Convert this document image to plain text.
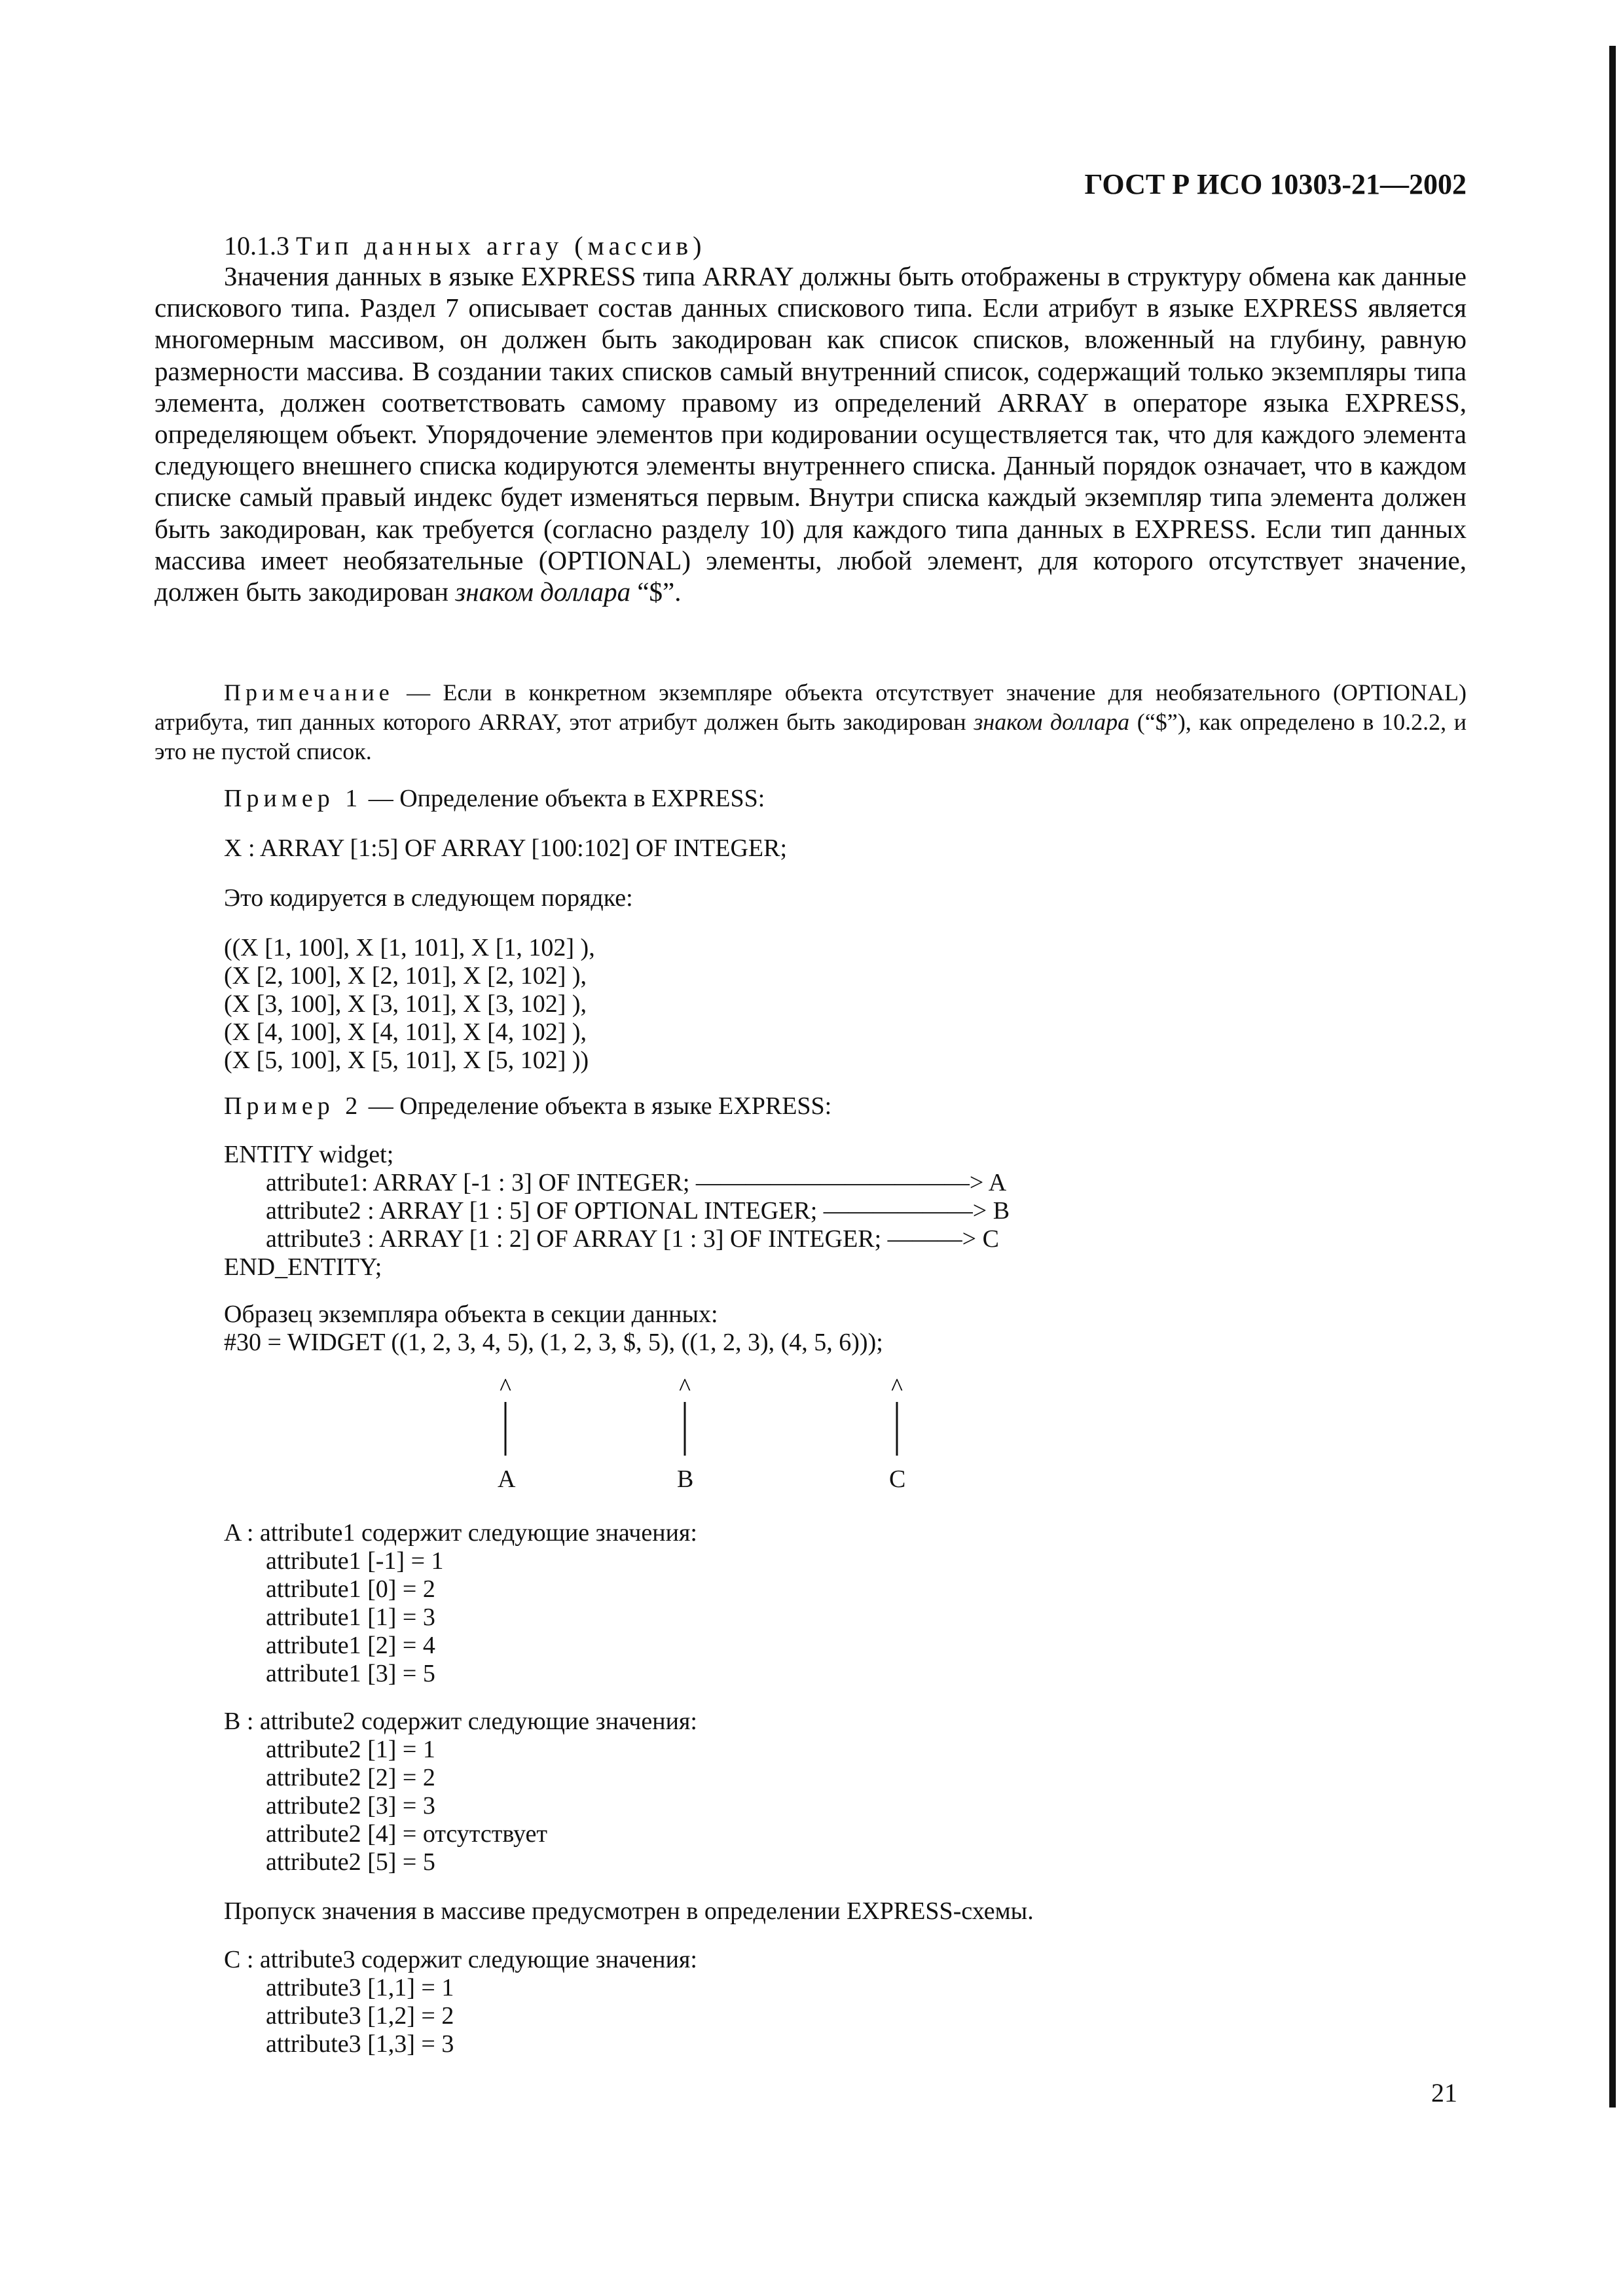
ГОСТ Р ИСО 10303-21—2002
10.1.3 Тип данных array (массив)

Значения данных в языке EXPRESS типа ARRAY должны быть отображены в структуру обмена как данные спискового типа. Раздел 7 описывает состав данных спискового типа. Если атрибут в языке EXPRESS является многомерным массивом, он должен быть закодирован как список списков, вложенный на глубину, равную размерности массива. В создании таких списков самый внутренний список, содержащий только экземпляры типа элемента, должен соответствовать самому правому из определений ARRAY в операторе языка EXPRESS, определяющем объект. Упорядочение элементов при кодировании осуществляется так, что для каждого элемента следующего внешнего списка кодируются элементы внутреннего списка. Данный порядок означает, что в каждом списке самый правый индекс будет изменяться первым. Внутри списка каждый экземпляр типа элемента должен быть закодирован, как требуется (согласно разделу 10) для каждого типа данных в EXPRESS. Если тип данных массива имеет необязательные (OPTIONAL) элементы, любой элемент, для которого отсутствует значение, должен быть закодирован знаком доллара “$”.

Примечание — Если в конкретном экземпляре объекта отсутствует значение для необязательного (OPTIONAL) атрибута, тип данных которого ARRAY, этот атрибут должен быть закодирован знаком доллара (“$”), как определено в 10.2.2, и это не пустой список.

Пример 1 — Определение объекта в EXPRESS:
X : ARRAY [1:5] OF ARRAY [100:102] OF INTEGER;
Это кодируется в следующем порядке:
((X [1, 100], X [1, 101], X [1, 102] ),
(X [2, 100], X [2, 101], X [2, 102] ),
(X [3, 100], X [3, 101], X [3, 102] ),
(X [4, 100], X [4, 101], X [4, 102] ),
(X [5, 100], X [5, 101], X [5, 102] ))
Пример 2 — Определение объекта в языке EXPRESS:
ENTITY widget;
attribute1: ARRAY [-1 : 3] OF INTEGER; ———————————> A
attribute2 : ARRAY [1 : 5] OF OPTIONAL INTEGER; ——————> B
attribute3 : ARRAY [1 : 2] OF ARRAY [1 : 3] OF INTEGER; ———> C
END_ENTITY;
Образец экземпляра объекта в секции данных:
#30 = WIDGET ((1, 2, 3, 4, 5), (1, 2, 3, $, 5), ((1, 2, 3), (4, 5, 6)));
^	^	^
A	B	C
A : attribute1 содержит следующие значения:
attribute1 [-1] = 1
attribute1 [0] = 2
attribute1 [1] = 3
attribute1 [2] = 4
attribute1 [3] = 5
B : attribute2 содержит следующие значения:
attribute2 [1] = 1
attribute2 [2] = 2
attribute2 [3] = 3
attribute2 [4] = отсутствует
attribute2 [5] = 5
Пропуск значения в массиве предусмотрен в определении EXPRESS-схемы.
C : attribute3 содержит следующие значения:
attribute3 [1,1] = 1
attribute3 [1,2] = 2
attribute3 [1,3] = 3
21
